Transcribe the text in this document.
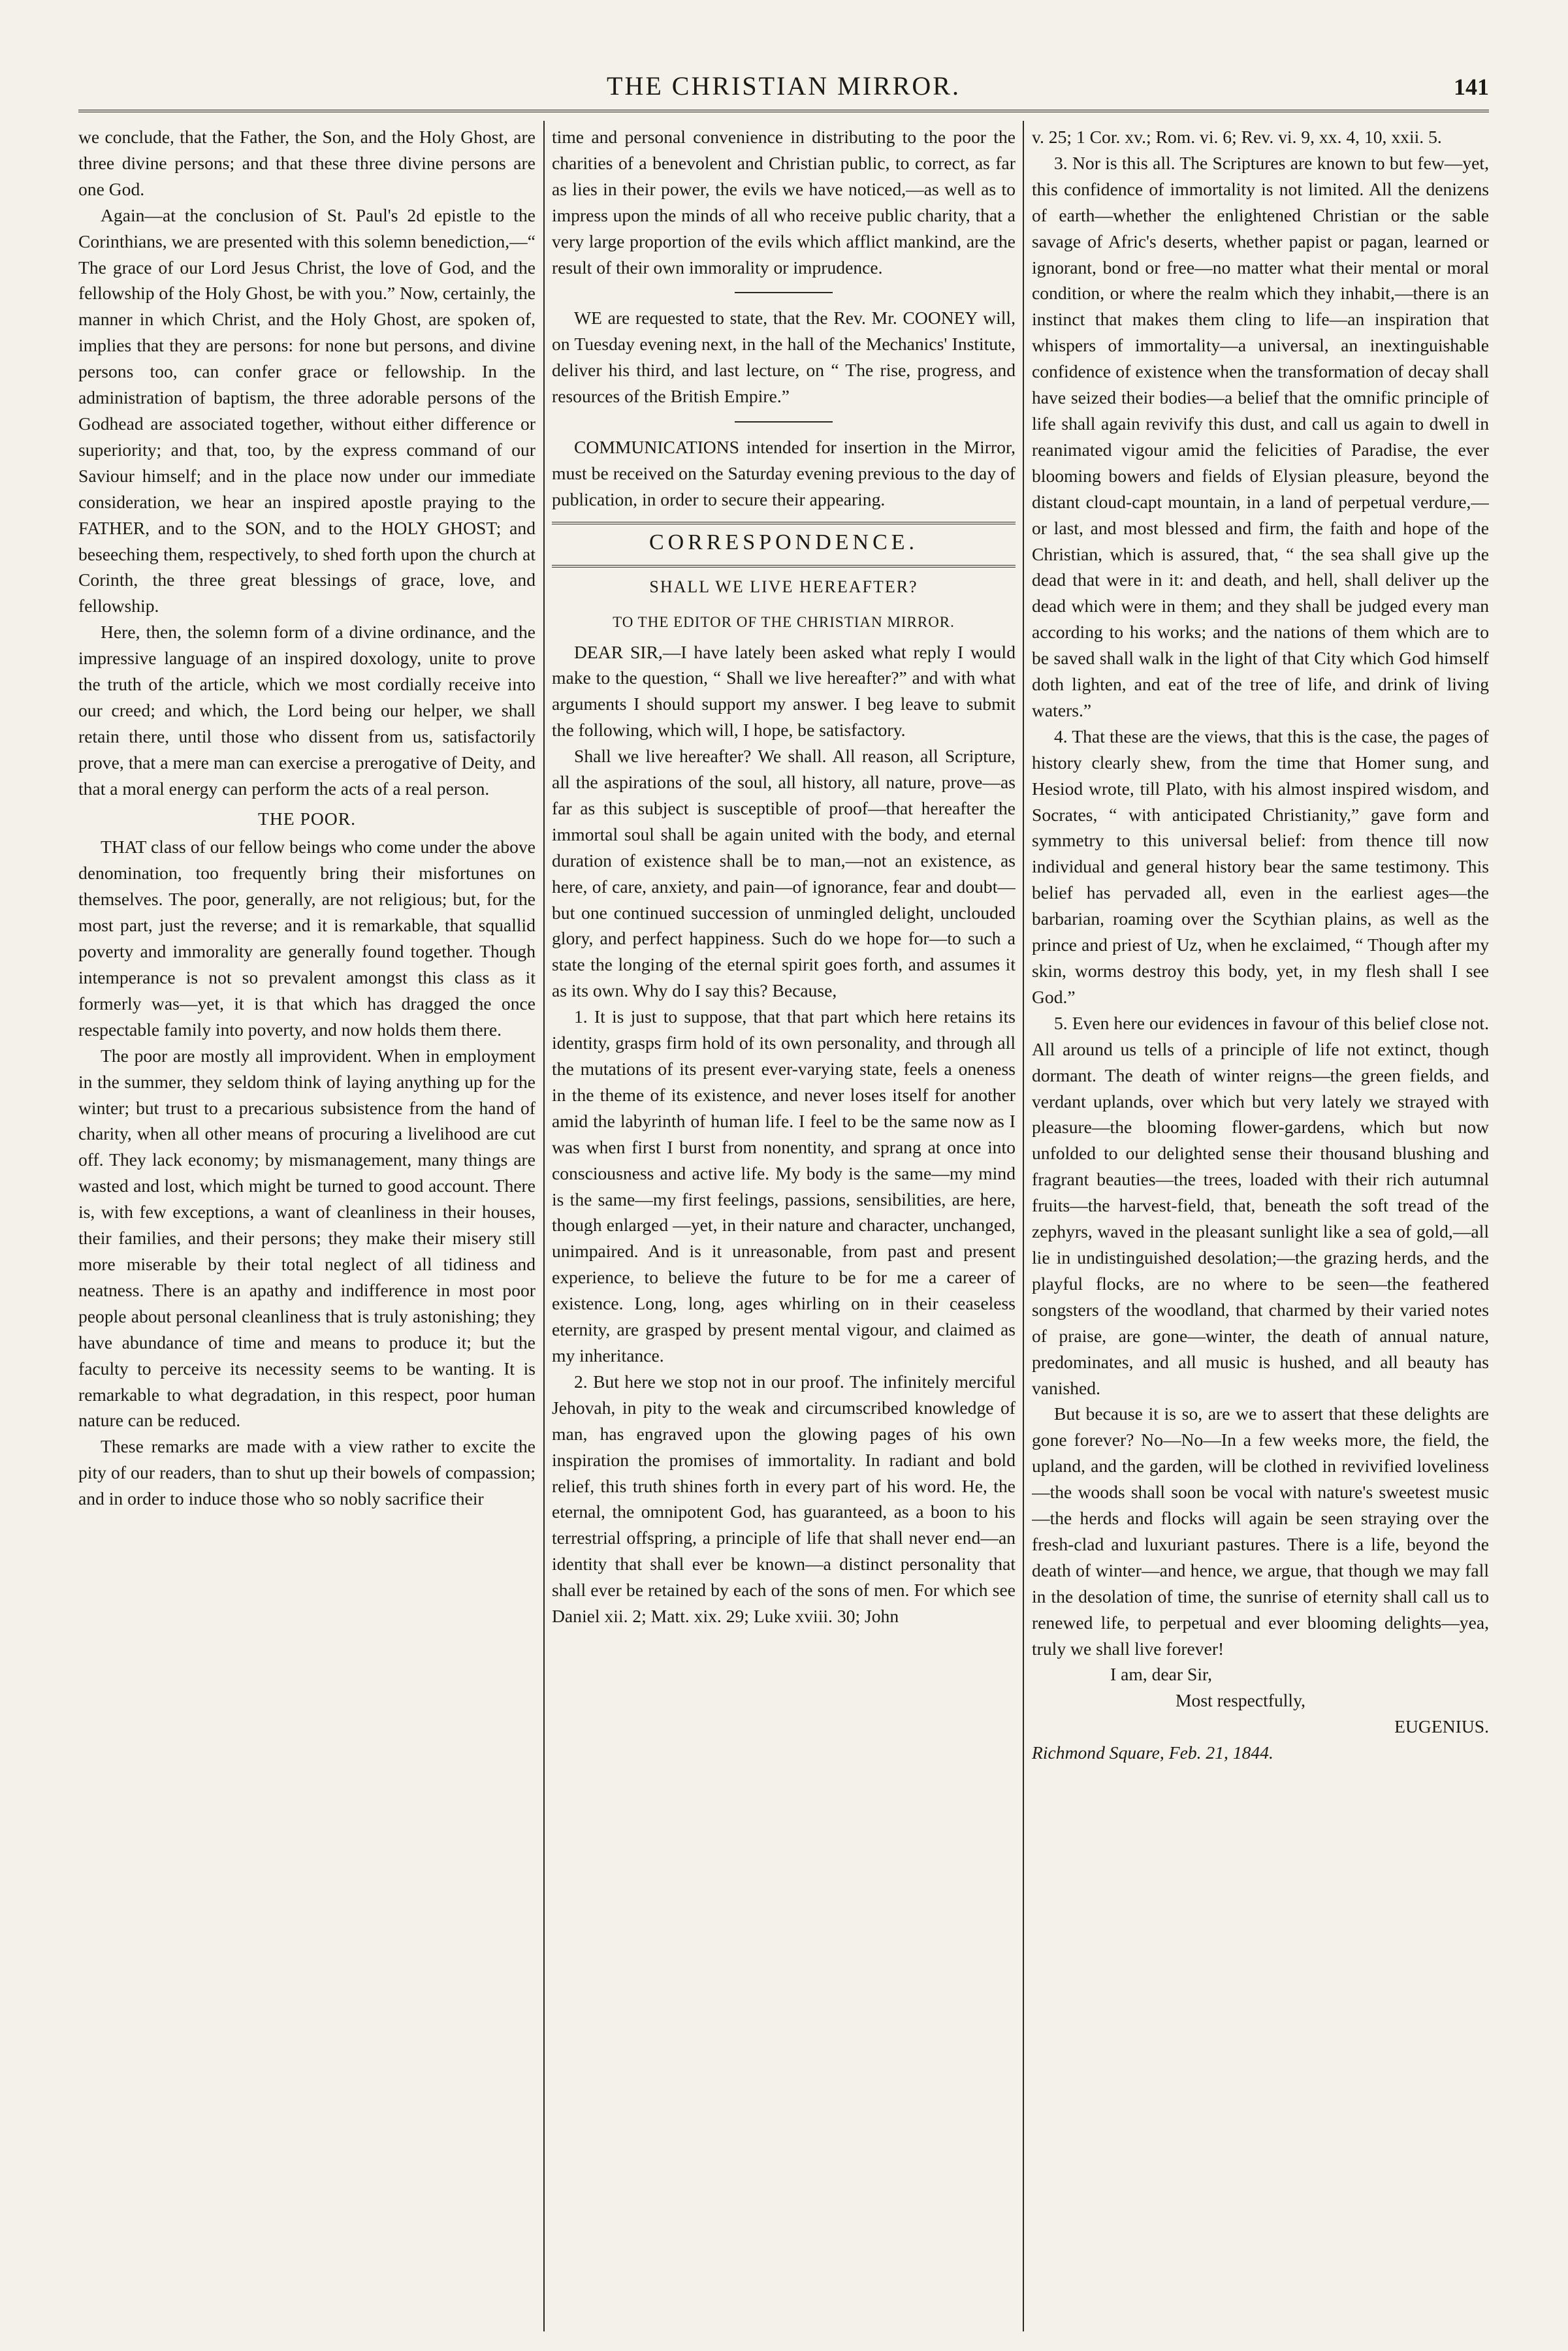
THE CHRISTIAN MIRROR.	141

we conclude, that the Father, the Son, and the Holy Ghost, are three divine persons; and that these three divine persons are one God.

Again—at the conclusion of St. Paul's 2d epistle to the Corinthians, we are presented with this solemn benediction,—“ The grace of our Lord Jesus Christ, the love of God, and the fellowship of the Holy Ghost, be with you.” Now, certainly, the manner in which Christ, and the Holy Ghost, are spoken of, implies that they are persons: for none but persons, and divine persons too, can confer grace or fellowship. In the administration of baptism, the three adorable persons of the Godhead are associated together, without either difference or superiority; and that, too, by the express command of our Saviour himself; and in the place now under our immediate consideration, we hear an inspired apostle praying to the FATHER, and to the SON, and to the HOLY GHOST; and beseeching them, respectively, to shed forth upon the church at Corinth, the three great blessings of grace, love, and fellowship.

Here, then, the solemn form of a divine ordinance, and the impressive language of an inspired doxology, unite to prove the truth of the article, which we most cordially receive into our creed; and which, the Lord being our helper, we shall retain there, until those who dissent from us, satisfactorily prove, that a mere man can exercise a prerogative of Deity, and that a moral energy can perform the acts of a real person.

THE POOR.

THAT class of our fellow beings who come under the above denomination, too frequently bring their misfortunes on themselves. The poor, generally, are not religious; but, for the most part, just the reverse; and it is remarkable, that squallid poverty and immorality are generally found together. Though intemperance is not so prevalent amongst this class as it formerly was—yet, it is that which has dragged the once respectable family into poverty, and now holds them there.

The poor are mostly all improvident. When in employment in the summer, they seldom think of laying anything up for the winter; but trust to a precarious subsistence from the hand of charity, when all other means of procuring a livelihood are cut off. They lack economy; by mismanagement, many things are wasted and lost, which might be turned to good account. There is, with few exceptions, a want of cleanliness in their houses, their families, and their persons; they make their misery still more miserable by their total neglect of all tidiness and neatness. There is an apathy and indifference in most poor people about personal cleanliness that is truly astonishing; they have abundance of time and means to produce it; but the faculty to perceive its necessity seems to be wanting. It is remarkable to what degradation, in this respect, poor human nature can be reduced.

These remarks are made with a view rather to excite the pity of our readers, than to shut up their bowels of compassion; and in order to induce those who so nobly sacrifice their

time and personal convenience in distributing to the poor the charities of a benevolent and Christian public, to correct, as far as lies in their power, the evils we have noticed,—as well as to impress upon the minds of all who receive public charity, that a very large proportion of the evils which afflict mankind, are the result of their own immorality or imprudence.

WE are requested to state, that the Rev. Mr. COONEY will, on Tuesday evening next, in the hall of the Mechanics' Institute, deliver his third, and last lecture, on “ The rise, progress, and resources of the British Empire.”

COMMUNICATIONS intended for insertion in the Mirror, must be received on the Saturday evening previous to the day of publication, in order to secure their appearing.

CORRESPONDENCE.
SHALL WE LIVE HEREAFTER?
TO THE EDITOR OF THE CHRISTIAN MIRROR.

DEAR SIR,—I have lately been asked what reply I would make to the question, “ Shall we live hereafter?” and with what arguments I should support my answer. I beg leave to submit the following, which will, I hope, be satisfactory.

Shall we live hereafter? We shall. All reason, all Scripture, all the aspirations of the soul, all history, all nature, prove—as far as this subject is susceptible of proof—that hereafter the immortal soul shall be again united with the body, and eternal duration of existence shall be to man,—not an existence, as here, of care, anxiety, and pain—of ignorance, fear and doubt—but one continued succession of unmingled delight, unclouded glory, and perfect happiness. Such do we hope for—to such a state the longing of the eternal spirit goes forth, and assumes it as its own. Why do I say this? Because,

1. It is just to suppose, that that part which here retains its identity, grasps firm hold of its own personality, and through all the mutations of its present ever-varying state, feels a oneness in the theme of its existence, and never loses itself for another amid the labyrinth of human life. I feel to be the same now as I was when first I burst from nonentity, and sprang at once into consciousness and active life. My body is the same—my mind is the same—my first feelings, passions, sensibilities, are here, though enlarged —yet, in their nature and character, unchanged, unimpaired. And is it unreasonable, from past and present experience, to believe the future to be for me a career of existence. Long, long, ages whirling on in their ceaseless eternity, are grasped by present mental vigour, and claimed as my inheritance.

2. But here we stop not in our proof. The infinitely merciful Jehovah, in pity to the weak and circumscribed knowledge of man, has engraved upon the glowing pages of his own inspiration the promises of immortality. In radiant and bold relief, this truth shines forth in every part of his word. He, the eternal, the omnipotent God, has guaranteed, as a boon to his terrestrial offspring, a principle of life that shall never end—an identity that shall ever be known—a distinct personality that shall ever be retained by each of the sons of men. For which see Daniel xii. 2; Matt. xix. 29; Luke xviii. 30; John

v. 25; 1 Cor. xv.; Rom. vi. 6; Rev. vi. 9, xx. 4, 10, xxii. 5.

3. Nor is this all. The Scriptures are known to but few—yet, this confidence of immortality is not limited. All the denizens of earth—whether the enlightened Christian or the sable savage of Afric's deserts, whether papist or pagan, learned or ignorant, bond or free—no matter what their mental or moral condition, or where the realm which they inhabit,—there is an instinct that makes them cling to life—an inspiration that whispers of immortality—a universal, an inextinguishable confidence of existence when the transformation of decay shall have seized their bodies—a belief that the omnific principle of life shall again revivify this dust, and call us again to dwell in reanimated vigour amid the felicities of Paradise, the ever blooming bowers and fields of Elysian pleasure, beyond the distant cloud-capt mountain, in a land of perpetual verdure,—or last, and most blessed and firm, the faith and hope of the Christian, which is assured, that, “ the sea shall give up the dead that were in it: and death, and hell, shall deliver up the dead which were in them; and they shall be judged every man according to his works; and the nations of them which are to be saved shall walk in the light of that City which God himself doth lighten, and eat of the tree of life, and drink of living waters.”

4. That these are the views, that this is the case, the pages of history clearly shew, from the time that Homer sung, and Hesiod wrote, till Plato, with his almost inspired wisdom, and Socrates, “ with anticipated Christianity,” gave form and symmetry to this universal belief: from thence till now individual and general history bear the same testimony. This belief has pervaded all, even in the earliest ages—the barbarian, roaming over the Scythian plains, as well as the prince and priest of Uz, when he exclaimed, “ Though after my skin, worms destroy this body, yet, in my flesh shall I see God.”

5. Even here our evidences in favour of this belief close not. All around us tells of a principle of life not extinct, though dormant. The death of winter reigns—the green fields, and verdant uplands, over which but very lately we strayed with pleasure—the blooming flower-gardens, which but now unfolded to our delighted sense their thousand blushing and fragrant beauties—the trees, loaded with their rich autumnal fruits—the harvest-field, that, beneath the soft tread of the zephyrs, waved in the pleasant sunlight like a sea of gold,—all lie in undistinguished desolation;—the grazing herds, and the playful flocks, are no where to be seen—the feathered songsters of the woodland, that charmed by their varied notes of praise, are gone—winter, the death of annual nature, predominates, and all music is hushed, and all beauty has vanished.

But because it is so, are we to assert that these delights are gone forever? No—No—In a few weeks more, the field, the upland, and the garden, will be clothed in revivified loveliness—the woods shall soon be vocal with nature's sweetest music—the herds and flocks will again be seen straying over the fresh-clad and luxuriant pastures. There is a life, beyond the death of winter—and hence, we argue, that though we may fall in the desolation of time, the sunrise of eternity shall call us to renewed life, to perpetual and ever blooming delights—yea, truly we shall live forever!

I am, dear Sir,

Most respectfully,

EUGENIUS.

Richmond Square, Feb. 21, 1844.
